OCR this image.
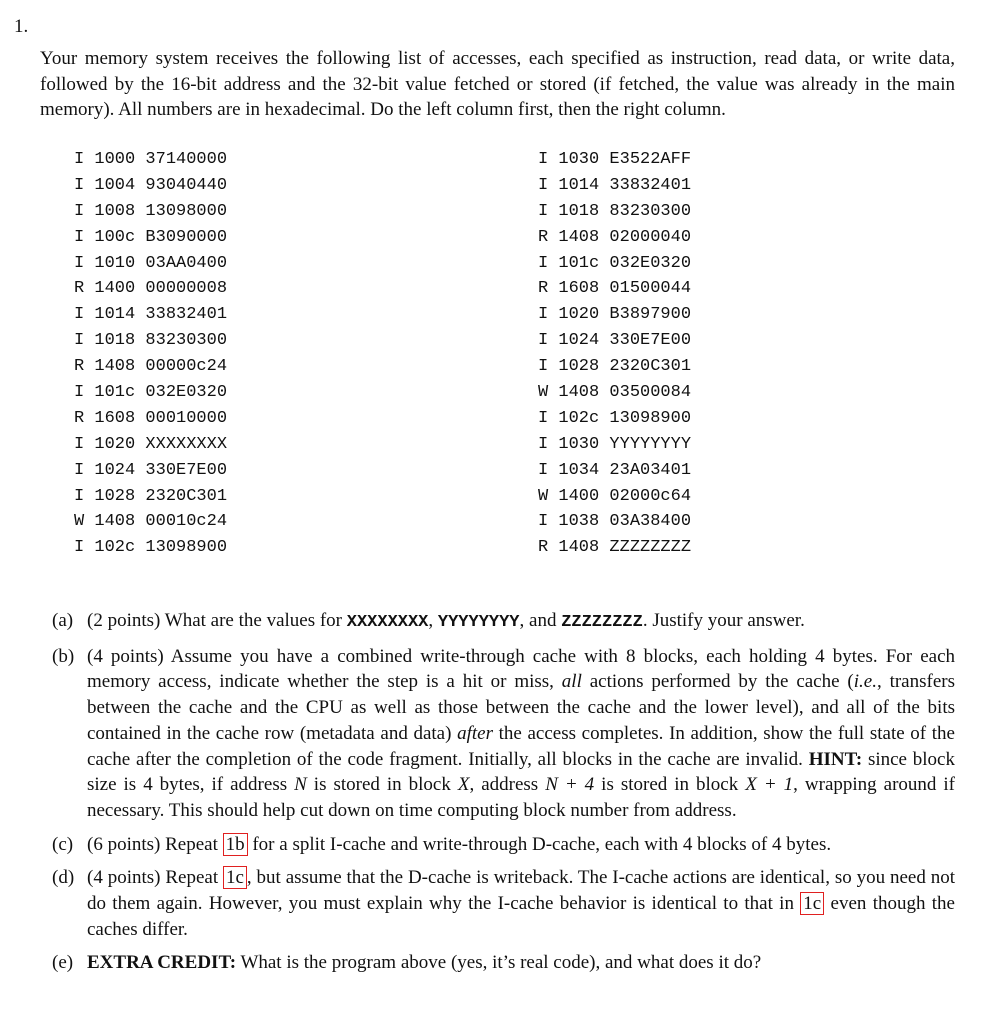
1.
Your memory system receives the following list of accesses, each specified as instruction, read data, or write data, followed by the 16-bit address and the 32-bit value fetched or stored (if fetched, the value was already in the main memory). All numbers are in hexadecimal. Do the left column first, then the right column.
I 1000 37140000
I 1004 93040440
I 1008 13098000
I 100c B3090000
I 1010 03AA0400
R 1400 00000008
I 1014 33832401
I 1018 83230300
R 1408 00000c24
I 101c 032E0320
R 1608 00010000
I 1020 XXXXXXXX
I 1024 330E7E00
I 1028 2320C301
W 1408 00010c24
I 102c 13098900
I 1030 E3522AFF
I 1014 33832401
I 1018 83230300
R 1408 02000040
I 101c 032E0320
R 1608 01500044
I 1020 B3897900
I 1024 330E7E00
I 1028 2320C301
W 1408 03500084
I 102c 13098900
I 1030 YYYYYYYY
I 1034 23A03401
W 1400 02000c64
I 1038 03A38400
R 1408 ZZZZZZZZ
(a) (2 points) What are the values for XXXXXXXX, YYYYYYYY, and ZZZZZZZZ. Justify your answer.
(b) (4 points) Assume you have a combined write-through cache with 8 blocks, each holding 4 bytes. For each memory access, indicate whether the step is a hit or miss, all actions performed by the cache (i.e., transfers between the cache and the CPU as well as those between the cache and the lower level), and all of the bits contained in the cache row (metadata and data) after the access completes. In addition, show the full state of the cache after the completion of the code fragment. Initially, all blocks in the cache are invalid. HINT: since block size is 4 bytes, if address N is stored in block X, address N + 4 is stored in block X + 1, wrapping around if necessary. This should help cut down on time computing block number from address.
(c) (6 points) Repeat 1b for a split I-cache and write-through D-cache, each with 4 blocks of 4 bytes.
(d) (4 points) Repeat 1c , but assume that the D-cache is writeback. The I-cache actions are identical, so you need not do them again. However, you must explain why the I-cache behavior is identical to that in 1c even though the caches differ.
(e) EXTRA CREDIT: What is the program above (yes, it’s real code), and what does it do?
